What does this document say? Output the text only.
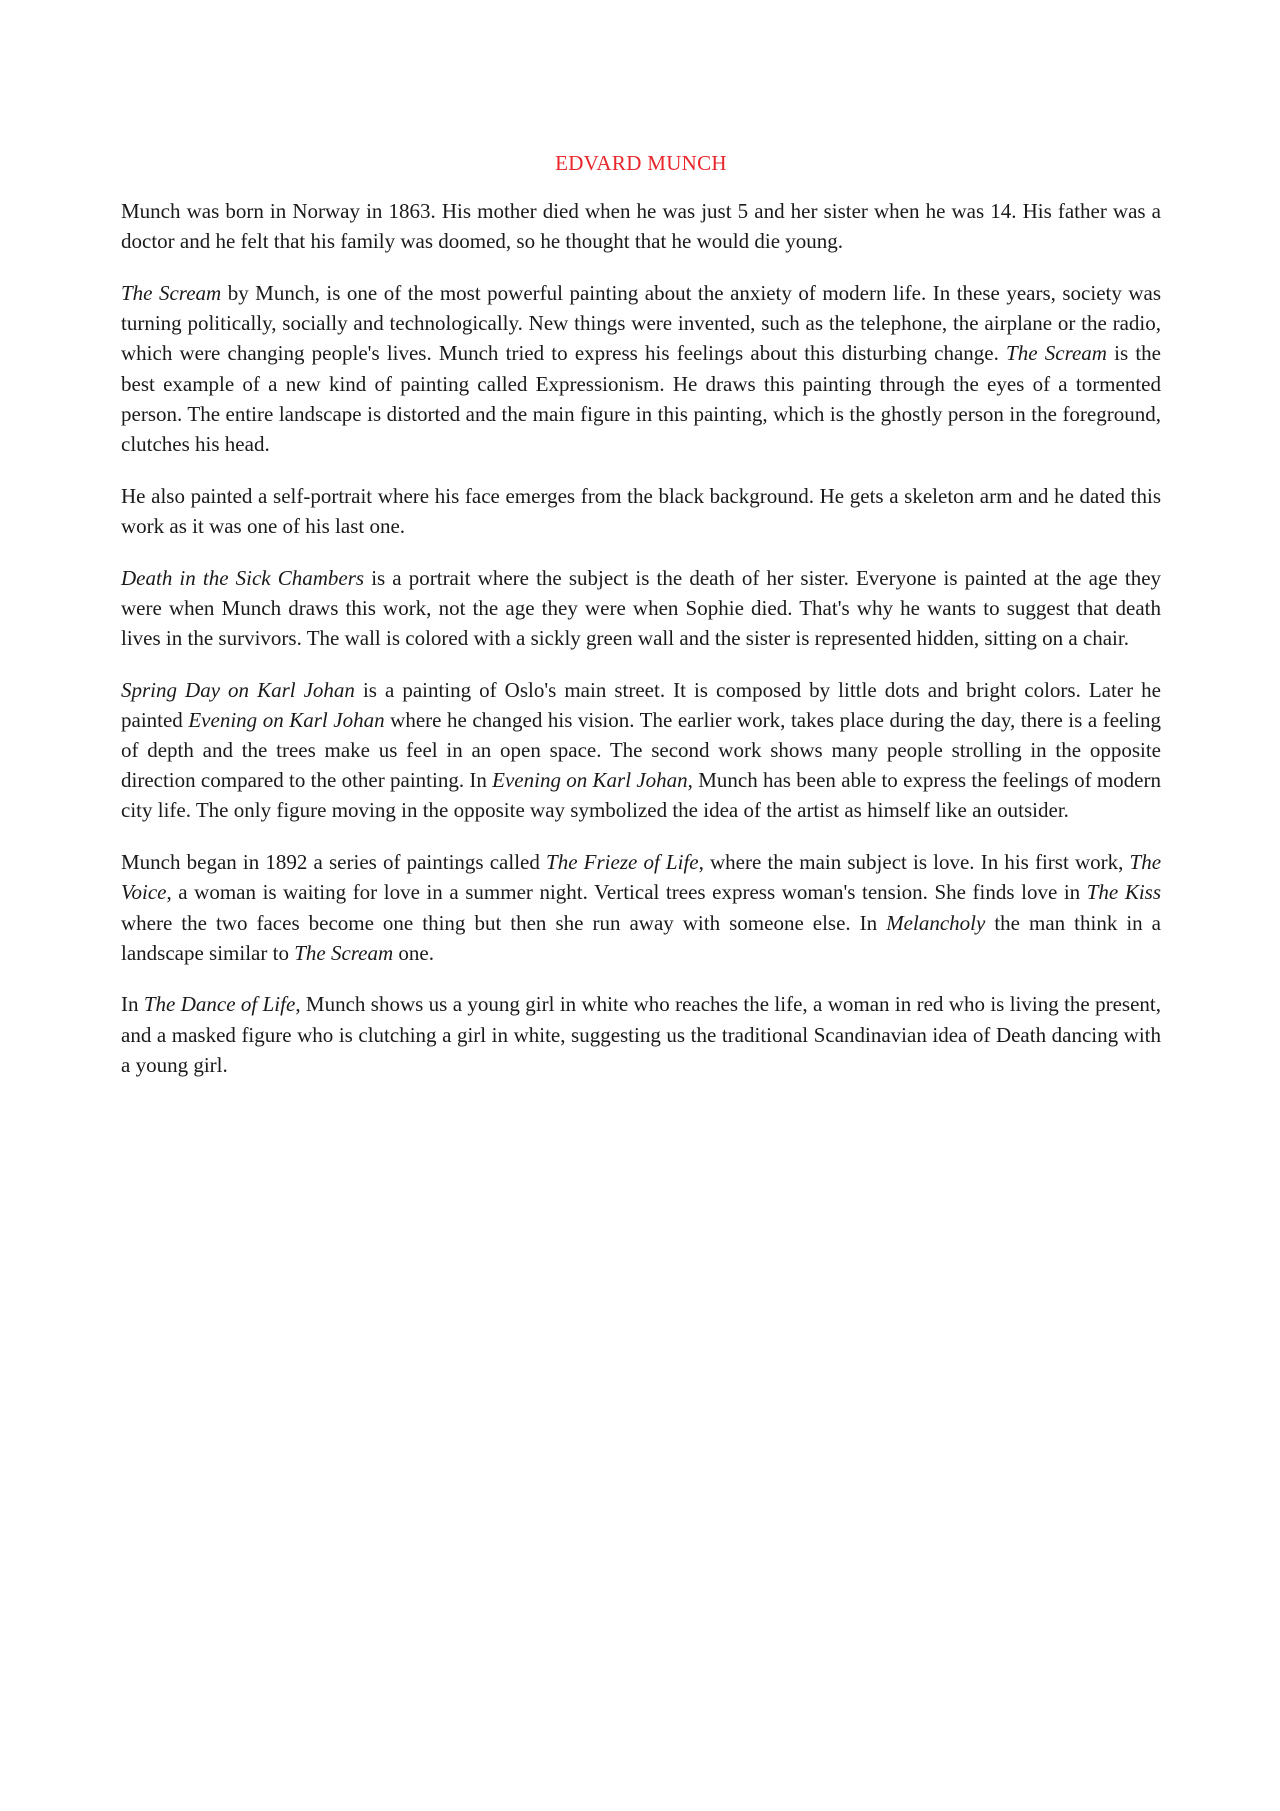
EDVARD MUNCH

Munch was born in Norway in 1863. His mother died when he was just 5 and her sister when he was 14. His father was a doctor and he felt that his family was doomed, so he thought that he would die young.

The Scream by Munch, is one of the most powerful painting about the anxiety of modern life. In these years, society was turning politically, socially and technologically. New things were invented, such as the telephone, the airplane or the radio, which were changing people's lives. Munch tried to express his feelings about this disturbing change. The Scream is the best example of a new kind of painting called Expressionism. He draws this painting through the eyes of a tormented person. The entire landscape is distorted and the main figure in this painting, which is the ghostly person in the foreground, clutches his head.

He also painted a self-portrait where his face emerges from the black background. He gets a skeleton arm and he dated this work as it was one of his last one.

Death in the Sick Chambers is a portrait where the subject is the death of her sister. Everyone is painted at the age they were when Munch draws this work, not the age they were when Sophie died. That's why he wants to suggest that death lives in the survivors. The wall is colored with a sickly green wall and the sister is represented hidden, sitting on a chair.

Spring Day on Karl Johan is a painting of Oslo's main street. It is composed by little dots and bright colors. Later he painted Evening on Karl Johan where he changed his vision. The earlier work, takes place during the day, there is a feeling of depth and the trees make us feel in an open space. The second work shows many people strolling in the opposite direction compared to the other painting. In Evening on Karl Johan, Munch has been able to express the feelings of modern city life. The only figure moving in the opposite way symbolized the idea of the artist as himself like an outsider.

Munch began in 1892 a series of paintings called The Frieze of Life, where the main subject is love. In his first work, The Voice, a woman is waiting for love in a summer night. Vertical trees express woman's tension. She finds love in The Kiss where the two faces become one thing but then she run away with someone else. In Melancholy the man think in a landscape similar to The Scream one.

In The Dance of Life, Munch shows us a young girl in white who reaches the life, a woman in red who is living the present, and a masked figure who is clutching a girl in white, suggesting us the traditional Scandinavian idea of Death dancing with a young girl.
